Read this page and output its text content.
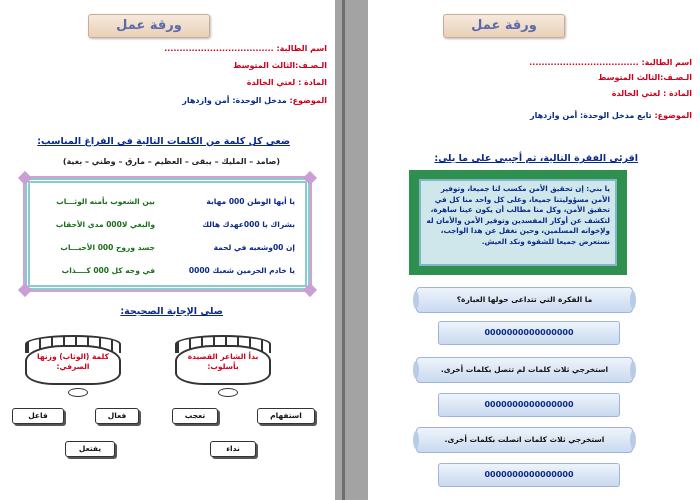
ورقة عمل
اسم الطالبة: ....................................
الـصـف:الثالث المتوسط
المادة : لغتي الخالدة
الموضوع: مدخل الوحدة: أمن وازدهار
ضعي كل كلمة من الكلمات التالية في الفراغ المناسب:
(صامد – المليك – يبقى – العظيم – مارق – وطني – بغية)
يا أيها الوطن 000 مهابة
بين الشعوب بأمنه الوثـــاب
بشراك يا 000عهدك هالك
والبغي لا000 مدى الأحقاب
إن 00وشعبه في لحمة
جسد وروح 000 الأحبـــاب
يا خادم الحرمين شعبك 0000
في وجه كل 000 كــــذاب
صلي الإجابة الصحيحة:
بدأ الشاعر القصيدة بأسلوب:
كلمة (الوثاب) وزنها الصرفي:
استفهام
تعجب
فعال
فاعل
نداء
يفتعل
ورقة عمل
اسم الطالبة: ....................................
الـصـف:الثالث المتوسط
المادة : لغتي الخالدة
الموضوع: تابع مدخل الوحدة: أمن وازدهار
اقرئي الفقرة التالية، ثم أجيبي على ما يلي:
يا بني: إن تحقيق الأمن مكسب لنا جميعا، وتوفير الأمن مسؤوليتنا جميعا، وعلى كل واحد منا كل في تحقيق الأمن، وكل منا مطالب أن يكون عينا ساهرة، لتكشف عن أوكار المفسدين وتوفير الأمن والأمان له ولإخوانه المسلمين، وحين نغفل عن هذا الواجب، نستعرض جميعا للشقوة ونكد العيش.
ما الفكرة التي تتداعى حولها العبارة؟
0000000000000000
استخرجي ثلاث كلمات لم تتصل بكلمات أخرى.
0000000000000000
استخرجي ثلاث كلمات اتصلت بكلمات أخرى.
0000000000000000
